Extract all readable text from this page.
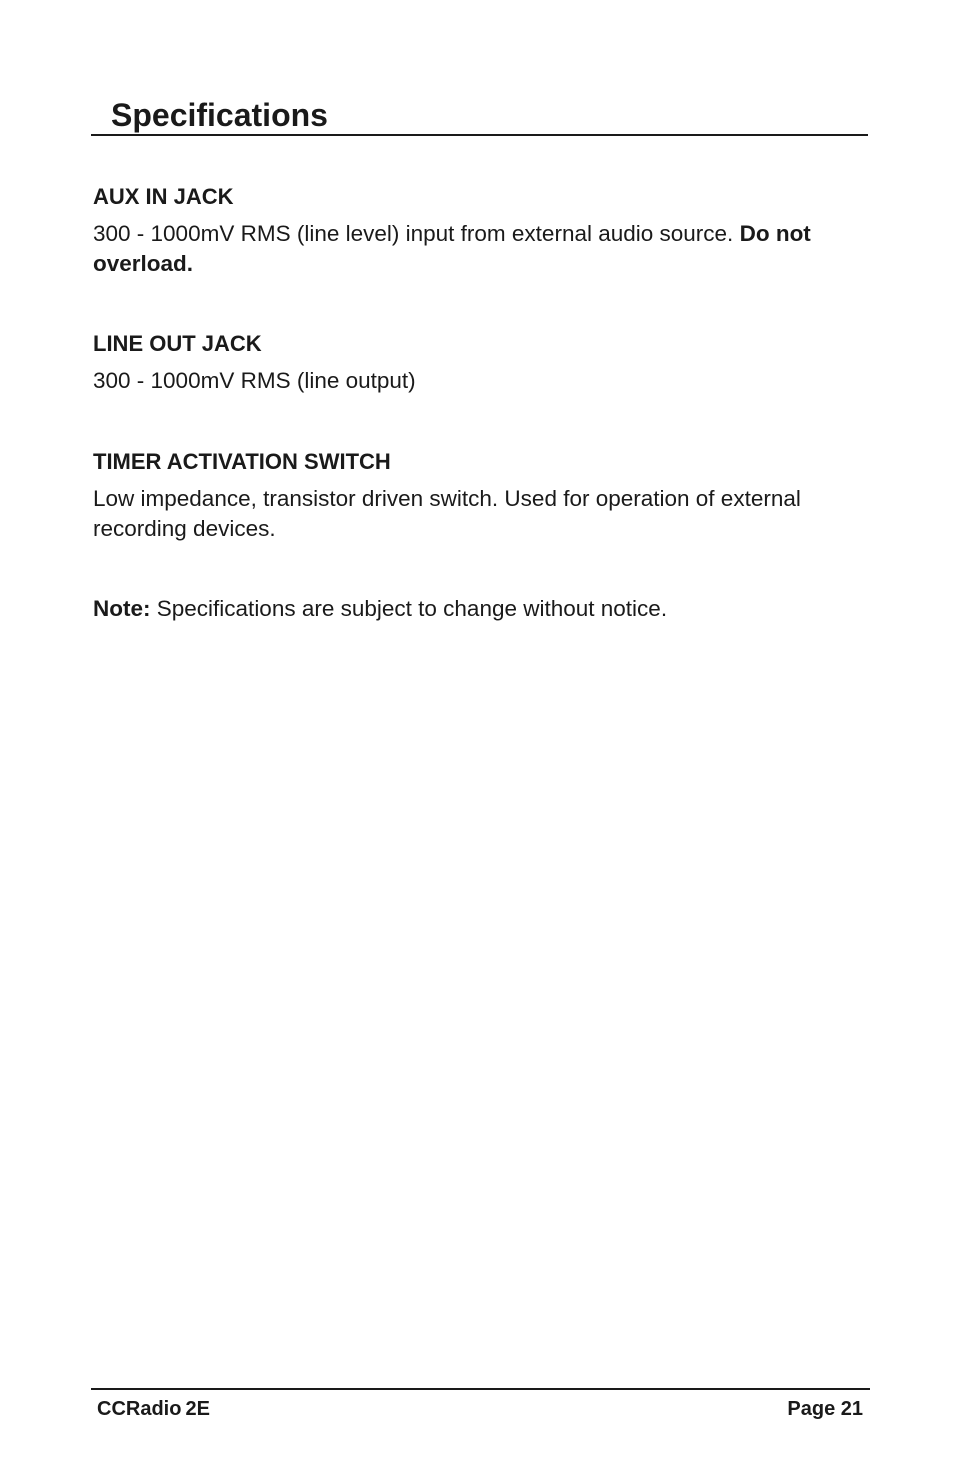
Specifications
AUX IN JACK

300 - 1000mV RMS (line level) input from external audio source. Do not overload.

LINE OUT JACK

300 - 1000mV RMS (line output)

TIMER ACTIVATION SWITCH

Low impedance, transistor driven switch. Used for operation of external recording devices.

Note: Specifications are subject to change without notice.

CCRadio 2E	Page 21
